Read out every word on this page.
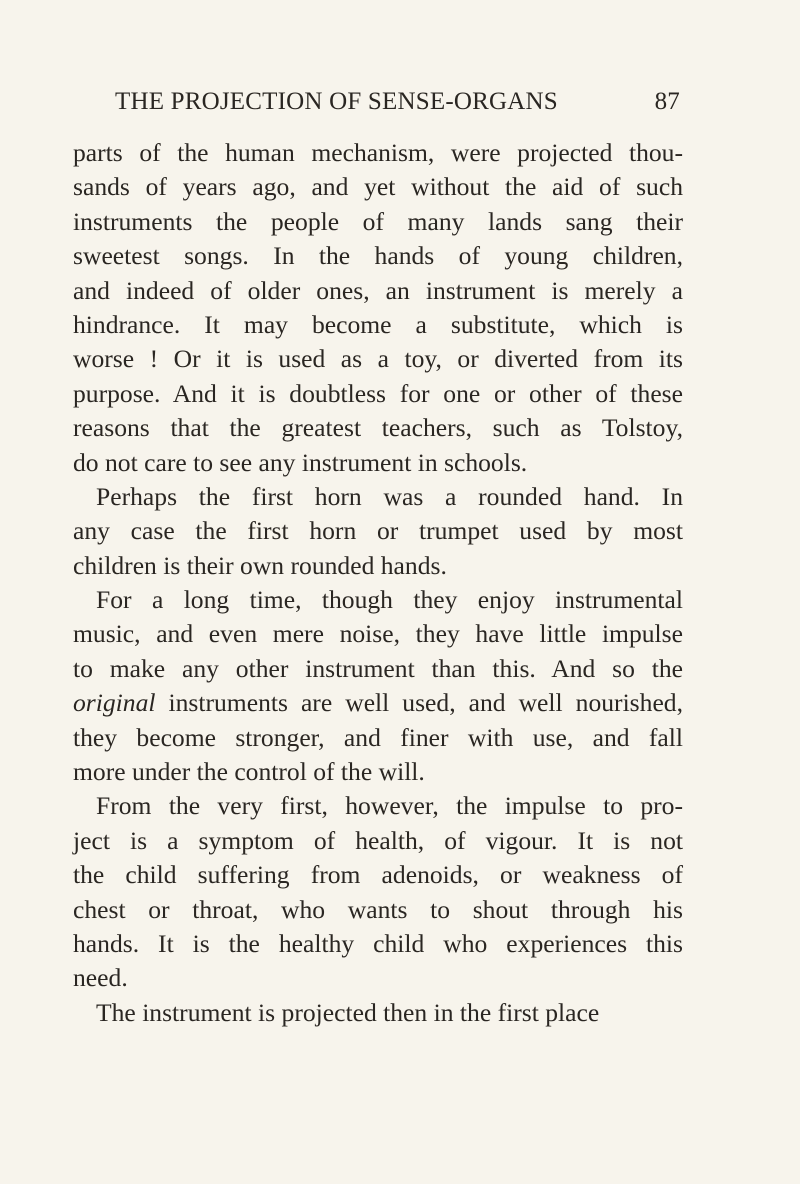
THE PROJECTION OF SENSE-ORGANS	87
parts of the human mechanism, were projected thou-
sands of years ago, and yet without the aid of such
instruments the people of many lands sang their
sweetest songs. In the hands of young children,
and indeed of older ones, an instrument is merely a
hindrance. It may become a substitute, which is
worse ! Or it is used as a toy, or diverted from its
purpose. And it is doubtless for one or other of these
reasons that the greatest teachers, such as Tolstoy,
do not care to see any instrument in schools.
Perhaps the first horn was a rounded hand. In
any case the first horn or trumpet used by most
children is their own rounded hands.
For a long time, though they enjoy instrumental
music, and even mere noise, they have little impulse
to make any other instrument than this. And so the
original instruments are well used, and well nourished,
they become stronger, and finer with use, and fall
more under the control of the will.
From the very first, however, the impulse to pro-
ject is a symptom of health, of vigour. It is not
the child suffering from adenoids, or weakness of
chest or throat, who wants to shout through his
hands. It is the healthy child who experiences this
need.
The instrument is projected then in the first place
